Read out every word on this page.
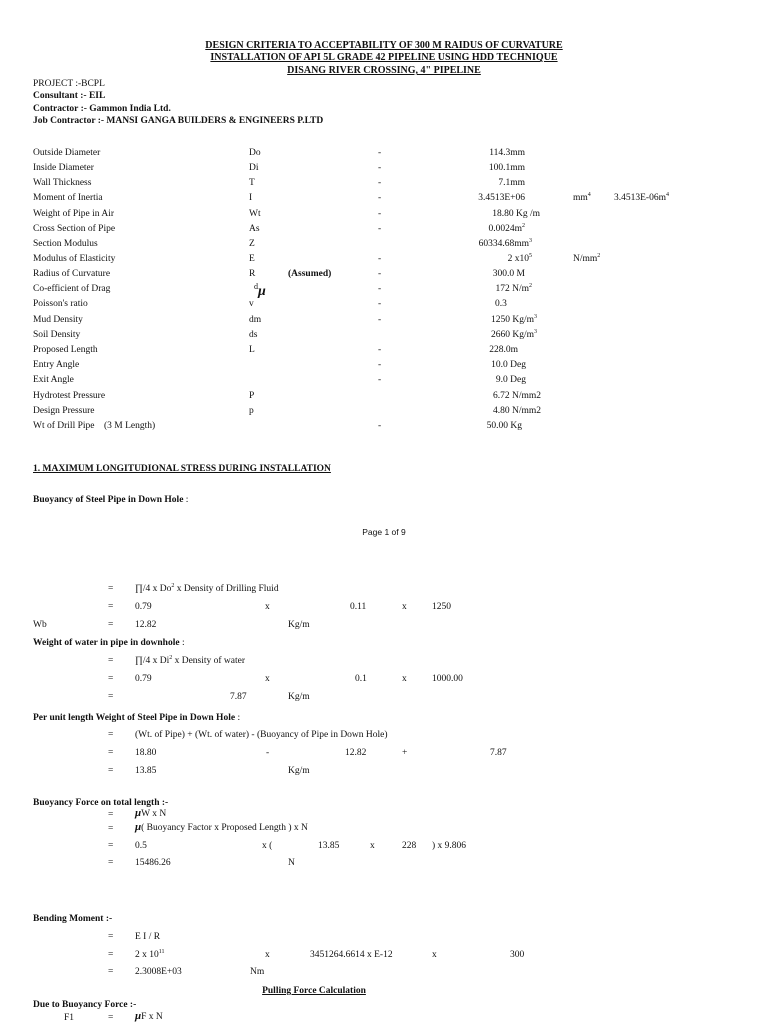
DESIGN CRITERIA TO ACCEPTABILITY OF 300 M RAIDUS OF CURVATURE
INSTALLATION OF API 5L GRADE 42 PIPELINE USING HDD TECHNIQUE
DISANG RIVER CROSSING, 4" PIPELINE
PROJECT :-BCPL
Consultant :- EIL
Contractor :- Gammon India Ltd.
Job Contractor :- MANSI GANGA BUILDERS & ENGINEERS P.LTD
Outside Diameter	Do	-	114.3mm
Inside Diameter	Di	-	100.1mm
Wall Thickness	T	-	7.1mm
Moment of Inertia	I	-	3.4513E+06	$mm^4$ $3.4513E-06m^4$
Weight of Pipe in Air	Wt	-	18.80 Kg /m
Cross Section of Pipe	As	-	$0.0024m^2$
Section Modulus	Z	$60334.68mm^3$
Modulus of Elasticity	E	-	2 $x10^5$	$N/mm^2$
Radius of Curvature	R	(Assumed)	-	300.0 M
Co-efficient of Drag	d μ	-	172 $N/m^2$
Poisson's ratio	v	-	0.3
Mud Density	dm	-	1250 $Kg/m^3$
Soil Density	ds	2660 $Kg/m^3$
Proposed Length	L	-	228.0m
Entry Angle	-	10.0 Deg
Exit Angle	-	9.0 Deg
Hydrotest Pressure	P	6.72 N/mm2
Design Pressure	p	4.80 N/mm2
Wt of Drill Pipe    (3 M Length)	-	50.00 Kg
1. MAXIMUM LONGITUDIONAL STRESS DURING INSTALLATION
Buoyancy of Steel Pipe in Down Hole :
Page 1 of 9
= ∏/4 x Do$^2$ x Density of Drilling Fluid
= 0.79	x	0.11	x	1250
Wb	= 12.82	Kg/m
Weight of water in pipe in downhole :
= ∏/4 x Di$^2$ x Density of water
= 0.79	x	0.1	x	1000.00
=	7.87	Kg/m
Per unit length Weight of Steel Pipe in Down Hole :
= (Wt. of Pipe) + (Wt. of water) - (Buoyancy of Pipe in Down Hole)
= 18.80	-	12.82	+	7.87
= 13.85	Kg/m
Buoyancy Force on total length :-
= μW x N
= μ( Buoyancy Factor x Proposed Length ) x N
= 0.5	x (	13.85	x	228 ) x 9.806
= 15486.26	N
Bending Moment :-
= E I / R
= 2 x $10^{11}$	x	3451264.6614 x E-12	x	300
= 2.3008E+03	Nm
Pulling Force Calculation
Due to Buoyancy Force :-
F1	= μF x N
